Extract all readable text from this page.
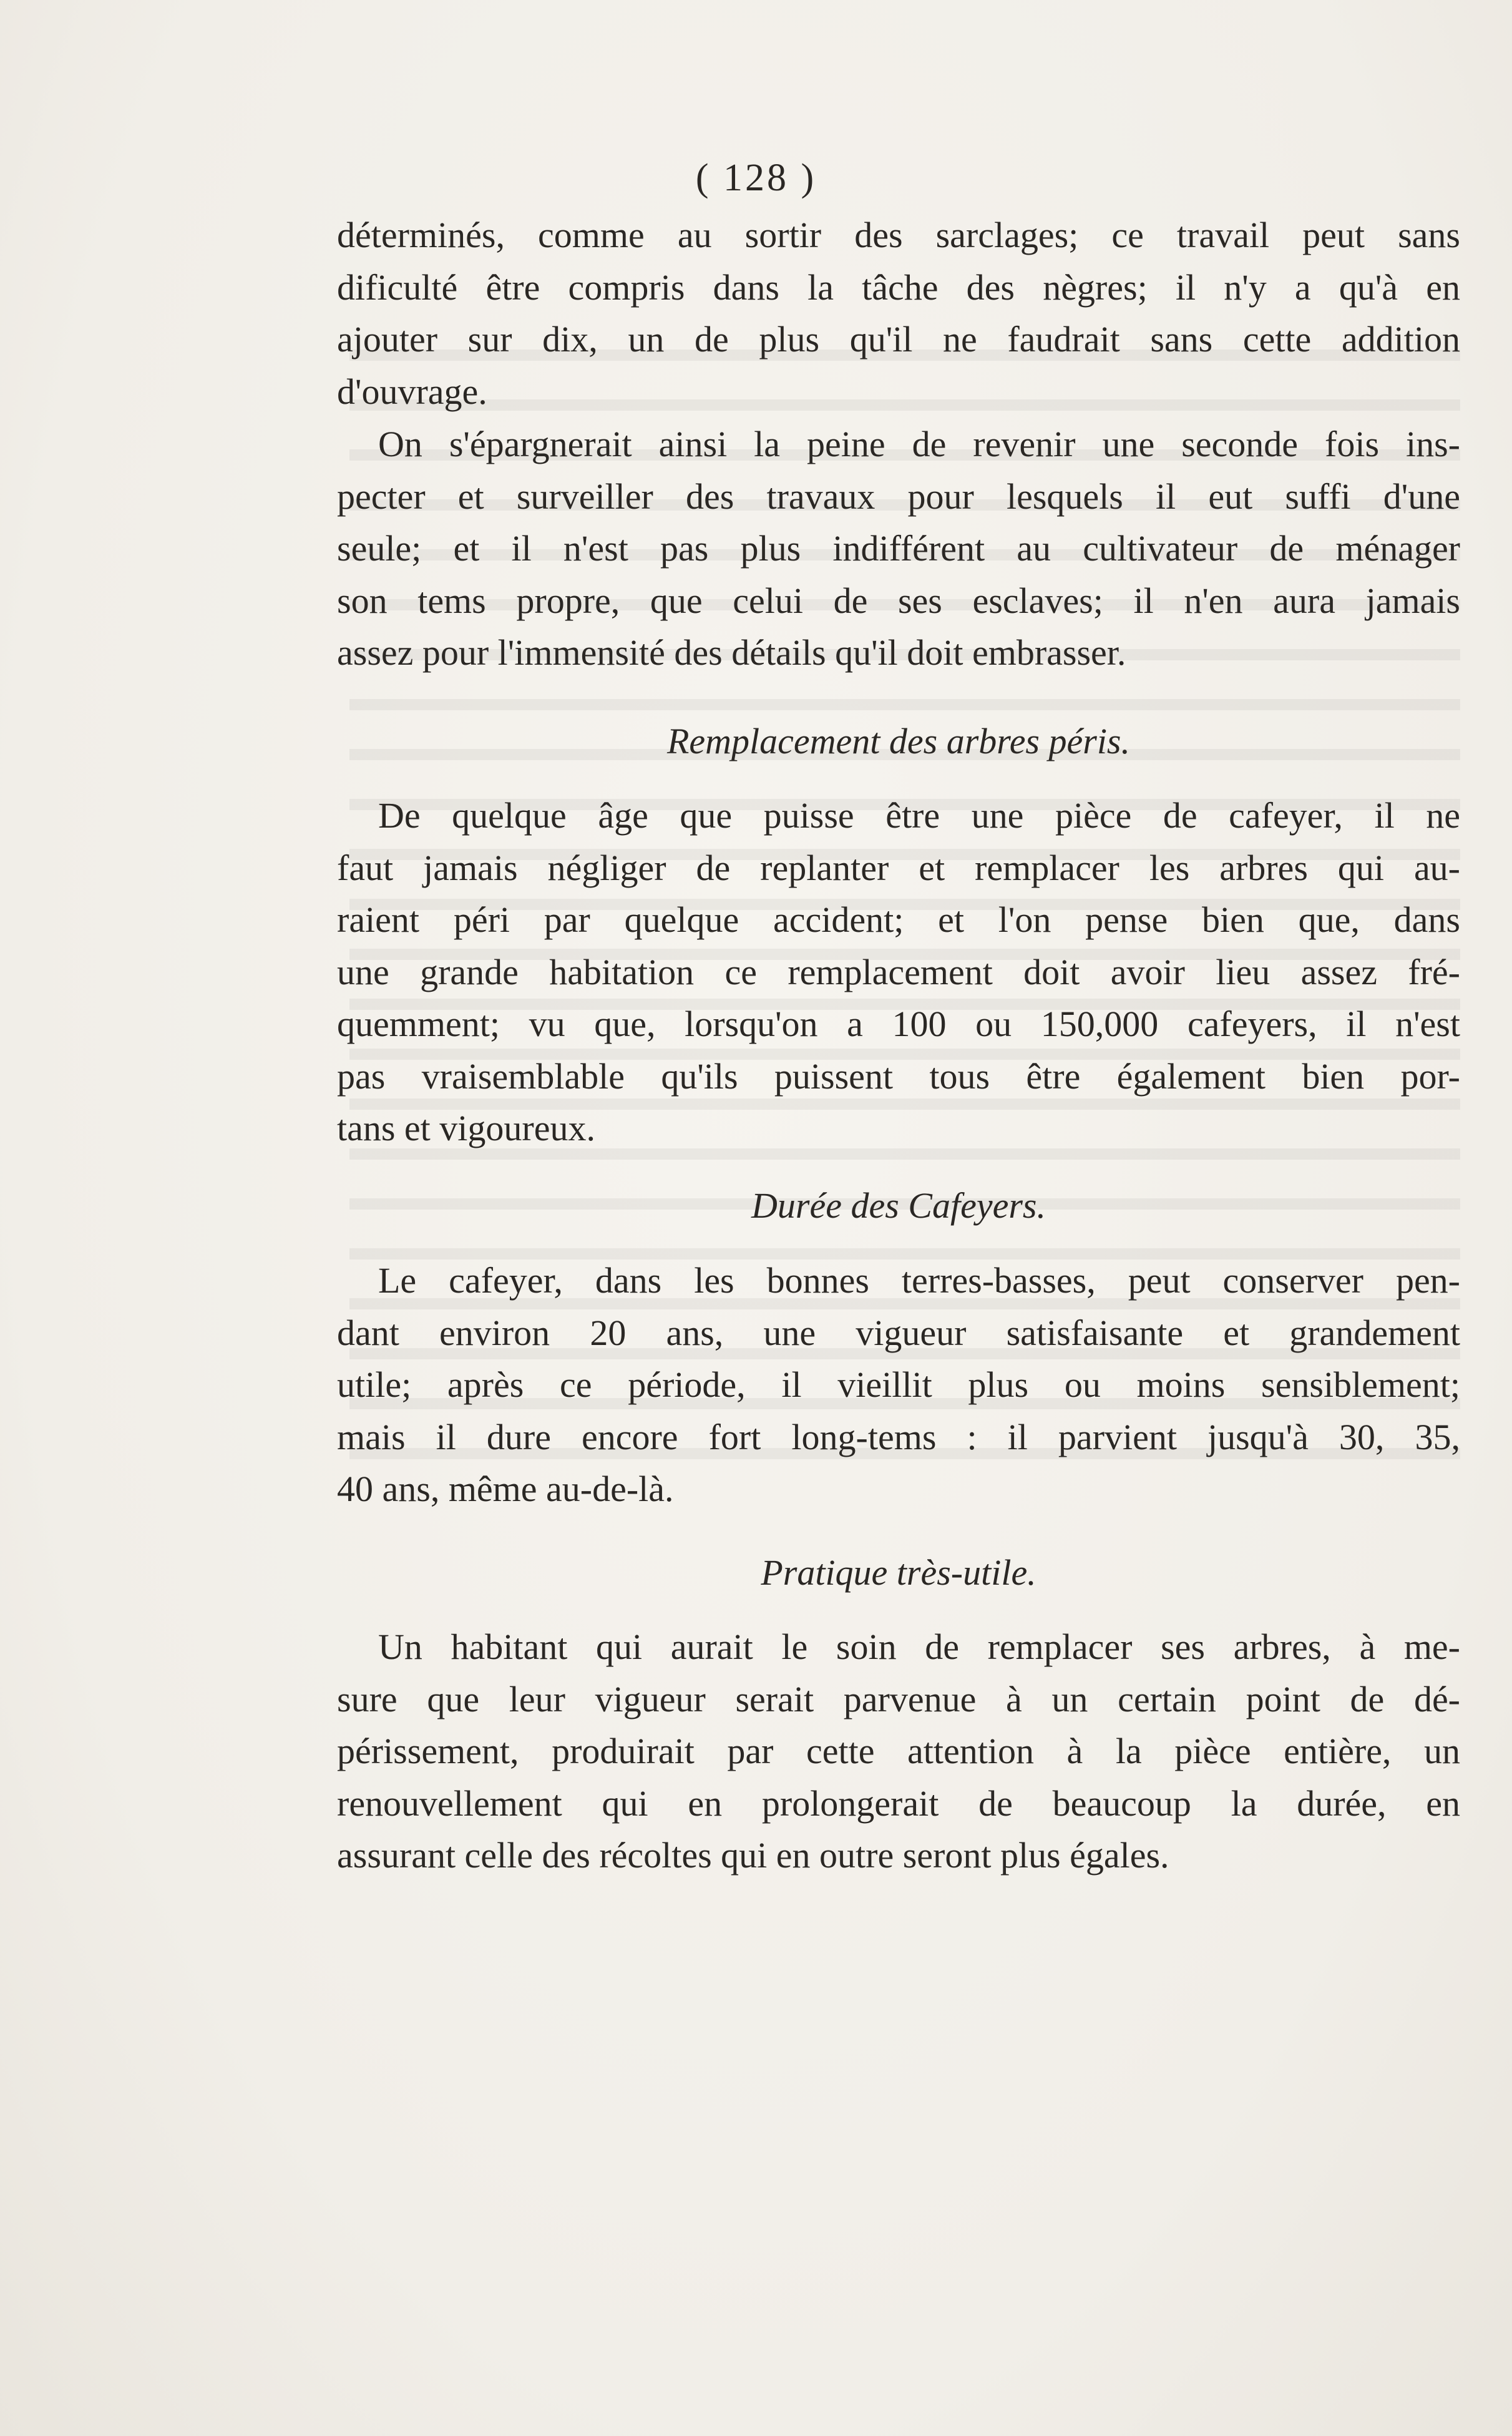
( 128 )

déterminés, comme au sortir des sarclages; ce travail peut sans
dificulté être compris dans la tâche des nègres; il n'y a qu'à en
ajouter sur dix, un de plus qu'il ne faudrait sans cette addition
d'ouvrage.

On s'épargnerait ainsi la peine de revenir une seconde fois ins-
pecter et surveiller des travaux pour lesquels il eut suffi d'une
seule; et il n'est pas plus indifférent au cultivateur de ménager
son tems propre, que celui de ses esclaves; il n'en aura jamais
assez pour l'immensité des détails qu'il doit embrasser.

Remplacement des arbres péris.

De quelque âge que puisse être une pièce de cafeyer, il ne
faut jamais négliger de replanter et remplacer les arbres qui au-
raient péri par quelque accident; et l'on pense bien que, dans
une grande habitation ce remplacement doit avoir lieu assez fré-
quemment; vu que, lorsqu'on a 100 ou 150,000 cafeyers, il n'est
pas vraisemblable qu'ils puissent tous être également bien por-
tans et vigoureux.

Durée des Cafeyers.

Le cafeyer, dans les bonnes terres-basses, peut conserver pen-
dant environ 20 ans, une vigueur satisfaisante et grandement
utile; après ce période, il vieillit plus ou moins sensiblement;
mais il dure encore fort long-tems : il parvient jusqu'à 30, 35,
40 ans, même au-de-là.

Pratique très-utile.

Un habitant qui aurait le soin de remplacer ses arbres, à me-
sure que leur vigueur serait parvenue à un certain point de dé-
périssement, produirait par cette attention à la pièce entière, un
renouvellement qui en prolongerait de beaucoup la durée, en
assurant celle des récoltes qui en outre seront plus égales.
